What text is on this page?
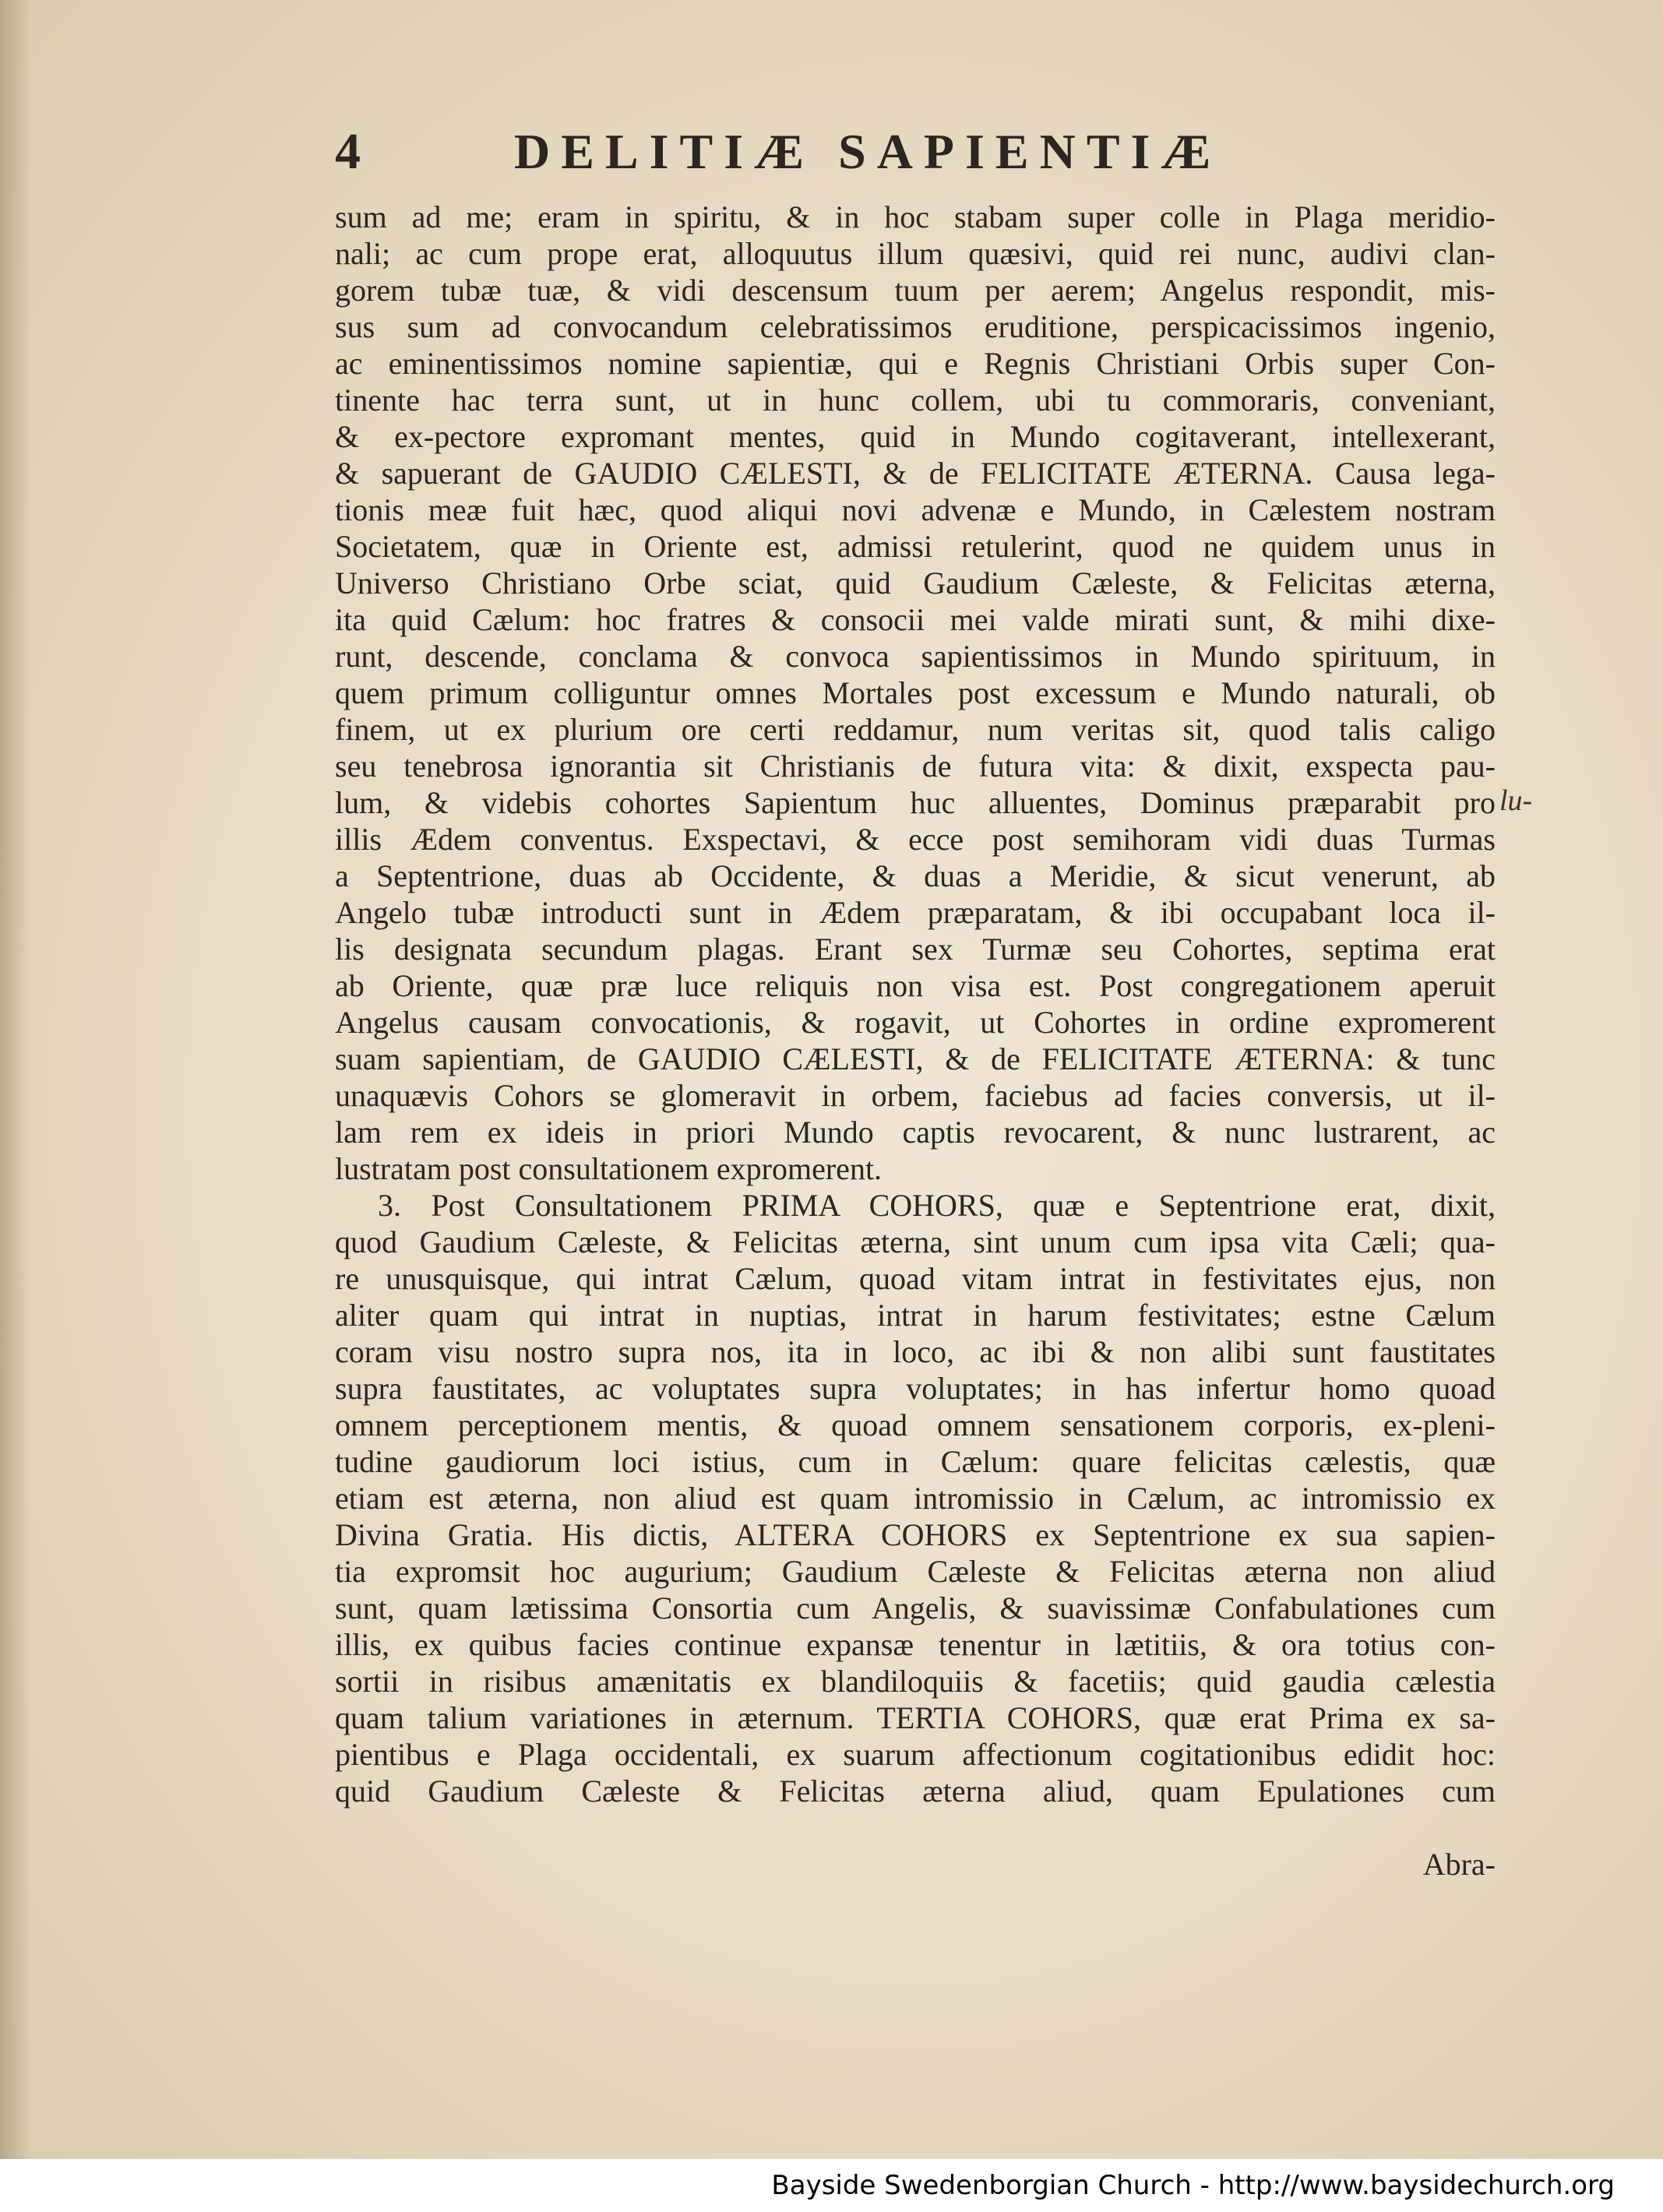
4	DELITIÆ SAPIENTIÆ
sum ad me; eram in spiritu, & in hoc stabam super colle in Plaga meridio-
nali; ac cum prope erat, alloquutus illum quæsivi, quid rei nunc, audivi clan-
gorem tubæ tuæ, & vidi descensum tuum per aerem; Angelus respondit, mis-
sus sum ad convocandum celebratissimos eruditione, perspicacissimos ingenio,
ac eminentissimos nomine sapientiæ, qui e Regnis Christiani Orbis super Con-
tinente hac terra sunt, ut in hunc collem, ubi tu commoraris, conveniant,
& ex-pectore expromant mentes, quid in Mundo cogitaverant, intellexerant,
& sapuerant de GAUDIO CÆLESTI, & de FELICITATE ÆTERNA. Causa lega-
tionis meæ fuit hæc, quod aliqui novi advenæ e Mundo, in Cælestem nostram
Societatem, quæ in Oriente est, admissi retulerint, quod ne quidem unus in
Universo Christiano Orbe sciat, quid Gaudium Cæleste, & Felicitas æterna,
ita quid Cælum: hoc fratres & consocii mei valde mirati sunt, & mihi dixe-
runt, descende, conclama & convoca sapientissimos in Mundo spirituum, in
quem primum colliguntur omnes Mortales post excessum e Mundo naturali, ob
finem, ut ex plurium ore certi reddamur, num veritas sit, quod talis caligo
seu tenebrosa ignorantia sit Christianis de futura vita: & dixit, exspecta pau-
lum, & videbis cohortes Sapientum huc alluentes, Dominus præparabit pro
illis Ædem conventus. Exspectavi, & ecce post semihoram vidi duas Turmas
a Septentrione, duas ab Occidente, & duas a Meridie, & sicut venerunt, ab
Angelo tubæ introducti sunt in Ædem præparatam, & ibi occupabant loca il-
lis designata secundum plagas. Erant sex Turmæ seu Cohortes, septima erat
ab Oriente, quæ præ luce reliquis non visa est. Post congregationem aperuit
Angelus causam convocationis, & rogavit, ut Cohortes in ordine expromerent
suam sapientiam, de GAUDIO CÆLESTI, & de FELICITATE ÆTERNA: & tunc
unaquævis Cohors se glomeravit in orbem, faciebus ad facies conversis, ut il-
lam rem ex ideis in priori Mundo captis revocarent, & nunc lustrarent, ac
lustratam post consultationem expromerent.
3. Post Consultationem PRIMA COHORS, quæ e Septentrione erat, dixit,
quod Gaudium Cæleste, & Felicitas æterna, sint unum cum ipsa vita Cæli; qua-
re unusquisque, qui intrat Cælum, quoad vitam intrat in festivitates ejus, non
aliter quam qui intrat in nuptias, intrat in harum festivitates; estne Cælum
coram visu nostro supra nos, ita in loco, ac ibi & non alibi sunt faustitates
supra faustitates, ac voluptates supra voluptates; in has infertur homo quoad
omnem perceptionem mentis, & quoad omnem sensationem corporis, ex-pleni-
tudine gaudiorum loci istius, cum in Cælum: quare felicitas cælestis, quæ
etiam est æterna, non aliud est quam intromissio in Cælum, ac intromissio ex
Divina Gratia. His dictis, ALTERA COHORS ex Septentrione ex sua sapien-
tia expromsit hoc augurium; Gaudium Cæleste & Felicitas æterna non aliud
sunt, quam lætissima Consortia cum Angelis, & suavissimæ Confabulationes cum
illis, ex quibus facies continue expansæ tenentur in lætitiis, & ora totius con-
sortii in risibus amænitatis ex blandiloquiis & facetiis; quid gaudia cælestia
quam talium variationes in æternum. TERTIA COHORS, quæ erat Prima ex sa-
pientibus e Plaga occidentali, ex suarum affectionum cogitationibus edidit hoc:
quid Gaudium Cæleste & Felicitas æterna aliud, quam Epulationes cum
Abra-
lu-
Bayside Swedenborgian Church - http://www.baysidechurch.org
